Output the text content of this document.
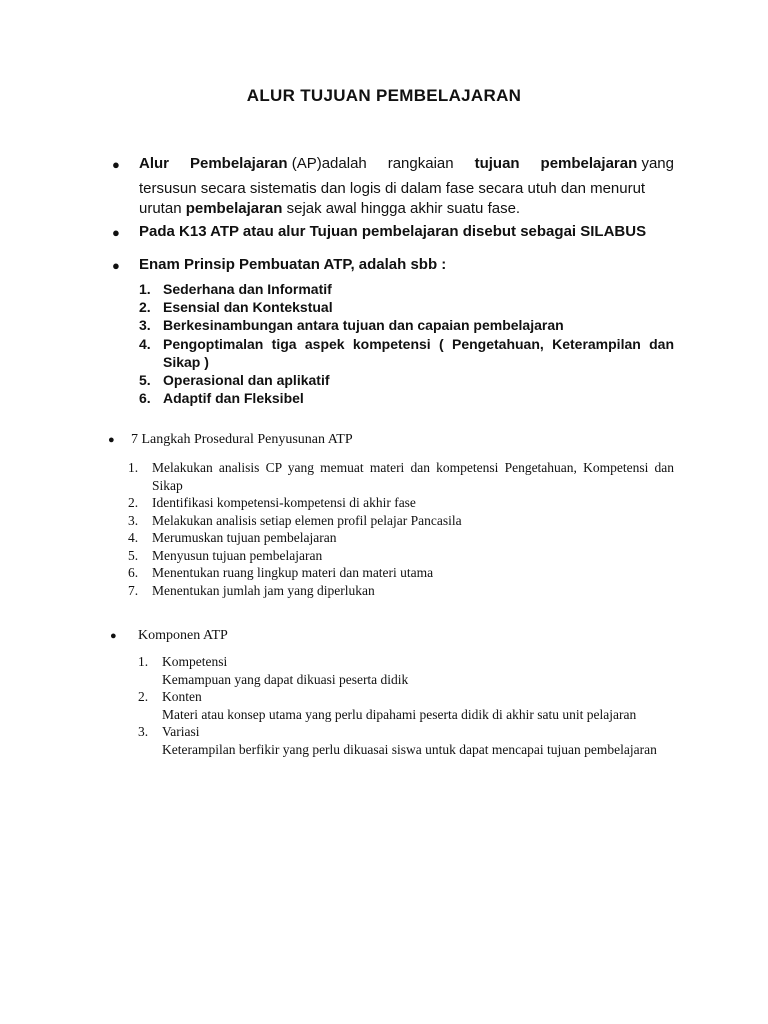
ALUR TUJUAN PEMBELAJARAN
● Alur Pembelajaran (AP)adalah rangkaian tujuan pembelajaran yang
tersusun secara sistematis dan logis di dalam fase secara utuh dan menurut
urutan pembelajaran sejak awal hingga akhir suatu fase.
● Pada K13 ATP atau alur Tujuan pembelajaran disebut sebagai SILABUS
● Enam Prinsip Pembuatan ATP, adalah sbb :
1. Sederhana dan Informatif
2. Esensial dan Kontekstual
3. Berkesinambungan antara tujuan dan capaian pembelajaran
4. Pengoptimalan tiga aspek kompetensi ( Pengetahuan, Keterampilan dan Sikap )
5. Operasional dan aplikatif
6. Adaptif dan Fleksibel
● 7 Langkah Prosedural Penyusunan ATP
1.	Melakukan analisis CP yang memuat materi dan kompetensi Pengetahuan, Kompetensi dan Sikap
2.	Identifikasi kompetensi-kompetensi di akhir fase
3.	Melakukan analisis setiap elemen profil pelajar Pancasila
4.	Merumuskan tujuan pembelajaran
5.	Menyusun tujuan pembelajaran
6.	Menentukan ruang lingkup materi dan materi utama
7.	Menentukan jumlah jam yang diperlukan
● Komponen ATP
1.	Kompetensi
Kemampuan yang dapat dikuasi peserta didik
2.	Konten
Materi atau konsep utama yang perlu dipahami peserta didik di akhir satu unit pelajaran
3.	Variasi
Keterampilan berfikir yang perlu dikuasai siswa untuk dapat mencapai tujuan pembelajaran
